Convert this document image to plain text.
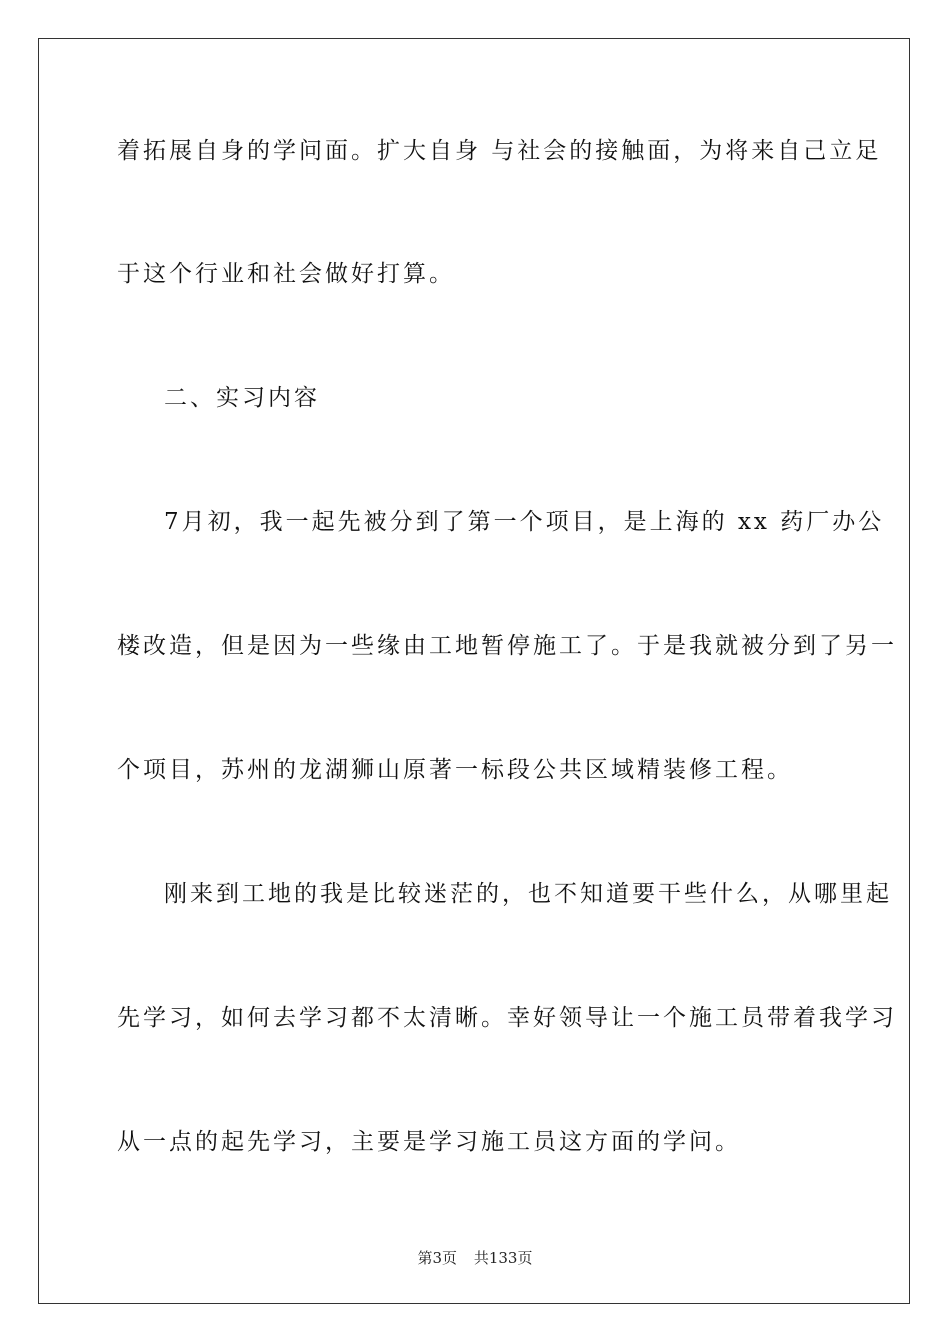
着拓展自身的学问面。扩大自身 与社会的接触面，为将来自己立足
于这个行业和社会做好打算。
二、实习内容
7月初，我一起先被分到了第一个项目，是上海的 xx 药厂办公
楼改造，但是因为一些缘由工地暂停施工了。于是我就被分到了另一
个项目，苏州的龙湖狮山原著一标段公共区域精装修工程。
刚来到工地的我是比较迷茫的，也不知道要干些什么，从哪里起
先学习，如何去学习都不太清晰。幸好领导让一个施工员带着我学习
从一点的起先学习，主要是学习施工员这方面的学问。
第3页 共133页
